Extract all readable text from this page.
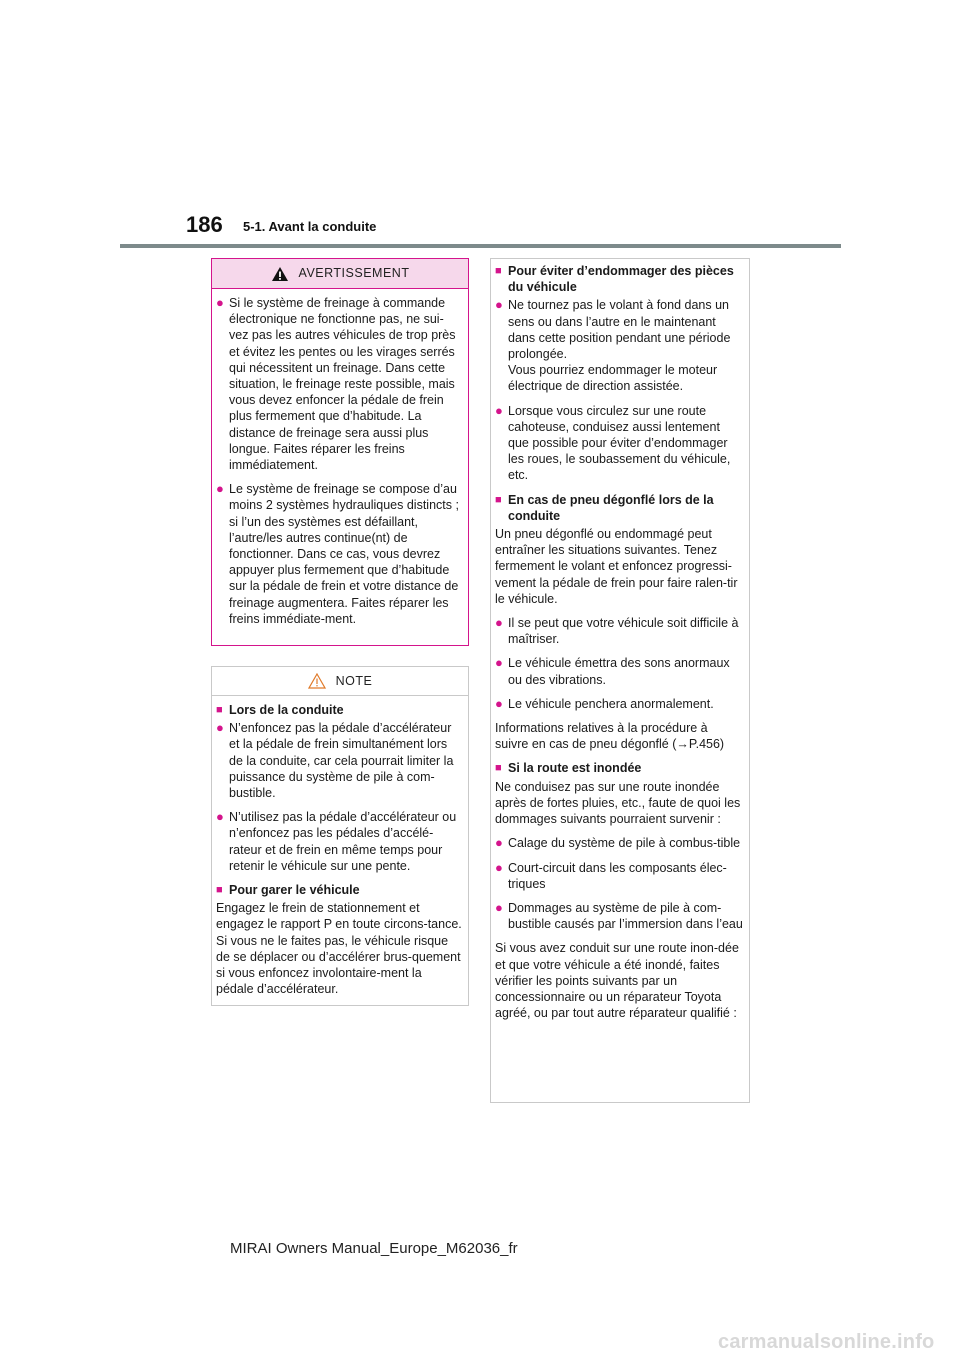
186 5-1. Avant la conduite
AVERTISSEMENT
● Si le système de freinage à commande électronique ne fonctionne pas, ne sui-vez pas les autres véhicules de trop près et évitez les pentes ou les virages serrés qui nécessitent un freinage. Dans cette situation, le freinage reste possible, mais vous devez enfoncer la pédale de frein plus fermement que d’habitude. La distance de freinage sera aussi plus longue. Faites réparer les freins immédiatement.
● Le système de freinage se compose d’au moins 2 systèmes hydrauliques distincts ; si l’un des systèmes est défaillant, l’autre/les autres continue(nt) de fonctionner. Dans ce cas, vous devrez appuyer plus fermement que d’habitude sur la pédale de frein et votre distance de freinage augmentera. Faites réparer les freins immédiate-ment.
NOTE
■ Lors de la conduite
● N’enfoncez pas la pédale d’accélérateur et la pédale de frein simultanément lors de la conduite, car cela pourrait limiter la puissance du système de pile à com-bustible.
● N’utilisez pas la pédale d’accélérateur ou n’enfoncez pas les pédales d’accélé-rateur et de frein en même temps pour retenir le véhicule sur une pente.
■ Pour garer le véhicule
Engagez le frein de stationnement et engagez le rapport P en toute circons-tance. Si vous ne le faites pas, le véhicule risque de se déplacer ou d’accélérer brus-quement si vous enfoncez involontaire-ment la pédale d’accélérateur.
■ Pour éviter d’endommager des pièces du véhicule
● Ne tournez pas le volant à fond dans un sens ou dans l’autre en le maintenant dans cette position pendant une période prolongée.
Vous pourriez endommager le moteur électrique de direction assistée.
● Lorsque vous circulez sur une route cahoteuse, conduisez aussi lentement que possible pour éviter d’endommager les roues, le soubassement du véhicule, etc.
■ En cas de pneu dégonflé lors de la conduite
Un pneu dégonflé ou endommagé peut entraîner les situations suivantes. Tenez fermement le volant et enfoncez progressi-vement la pédale de frein pour faire ralen-tir le véhicule.
● Il se peut que votre véhicule soit difficile à maîtriser.
● Le véhicule émettra des sons anormaux ou des vibrations.
● Le véhicule penchera anormalement.
Informations relatives à la procédure à suivre en cas de pneu dégonflé (→P.456)
■ Si la route est inondée
Ne conduisez pas sur une route inondée après de fortes pluies, etc., faute de quoi les dommages suivants pourraient survenir :
● Calage du système de pile à combus-tible
● Court-circuit dans les composants élec-triques
● Dommages au système de pile à com-bustible causés par l’immersion dans l’eau
Si vous avez conduit sur une route inon-dée et que votre véhicule a été inondé, faites vérifier les points suivants par un concessionnaire ou un réparateur Toyota agréé, ou par tout autre réparateur qualifié :
MIRAI Owners Manual_Europe_M62036_fr
carmanualsonline.info
